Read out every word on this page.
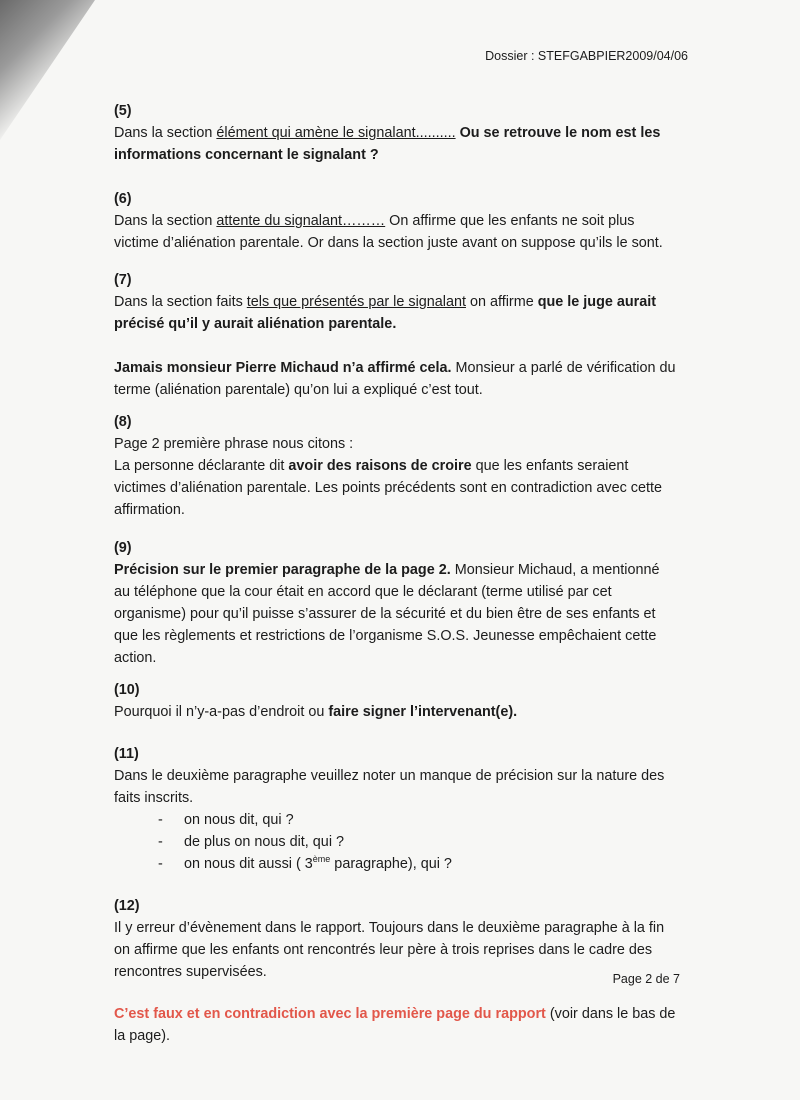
Dossier : STEFGABPIER2009/04/06

(5)

Dans la section élément qui amène le signalant.......... Ou se retrouve le nom est les informations concernant le signalant ?

(6)

Dans la section attente du signalant……… On affirme que les enfants ne soit plus victime d’aliénation parentale. Or dans la section juste avant on suppose qu’ils le sont.

(7)

Dans la section faits tels que présentés par le signalant on affirme que le juge aurait précisé qu’il y aurait aliénation parentale.

Jamais monsieur Pierre Michaud n’a affirmé cela. Monsieur a parlé de vérification du terme (aliénation parentale) qu’on lui a expliqué c’est tout.

(8)

Page 2 première phrase nous citons :

La personne déclarante dit avoir des raisons de croire que les enfants seraient victimes d’aliénation parentale. Les points précédents sont en contradiction avec cette affirmation.

(9)

Précision sur le premier paragraphe de la page 2. Monsieur Michaud, a mentionné au téléphone que la cour était en accord que le déclarant (terme utilisé par cet organisme) pour qu’il puisse s’assurer de la sécurité et du bien être de ses enfants et que les règlements et restrictions de l’organisme S.O.S. Jeunesse empêchaient cette action.

(10)

Pourquoi il n’y-a-pas d’endroit ou faire signer l’intervenant(e).

(11)

Dans le deuxième paragraphe veuillez noter un manque de précision sur la nature des faits inscrits.

- on nous dit, qui ?
- de plus on nous dit, qui ?
- on nous dit aussi ( 3ème paragraphe), qui ?

(12)

Il y erreur d’évènement dans le rapport. Toujours dans le deuxième paragraphe à la fin on affirme que les enfants ont rencontrés leur père à trois reprises dans le cadre des rencontres supervisées.

C’est faux et en contradiction avec la première page du rapport (voir dans le bas de la page).

Page 2 de 7
